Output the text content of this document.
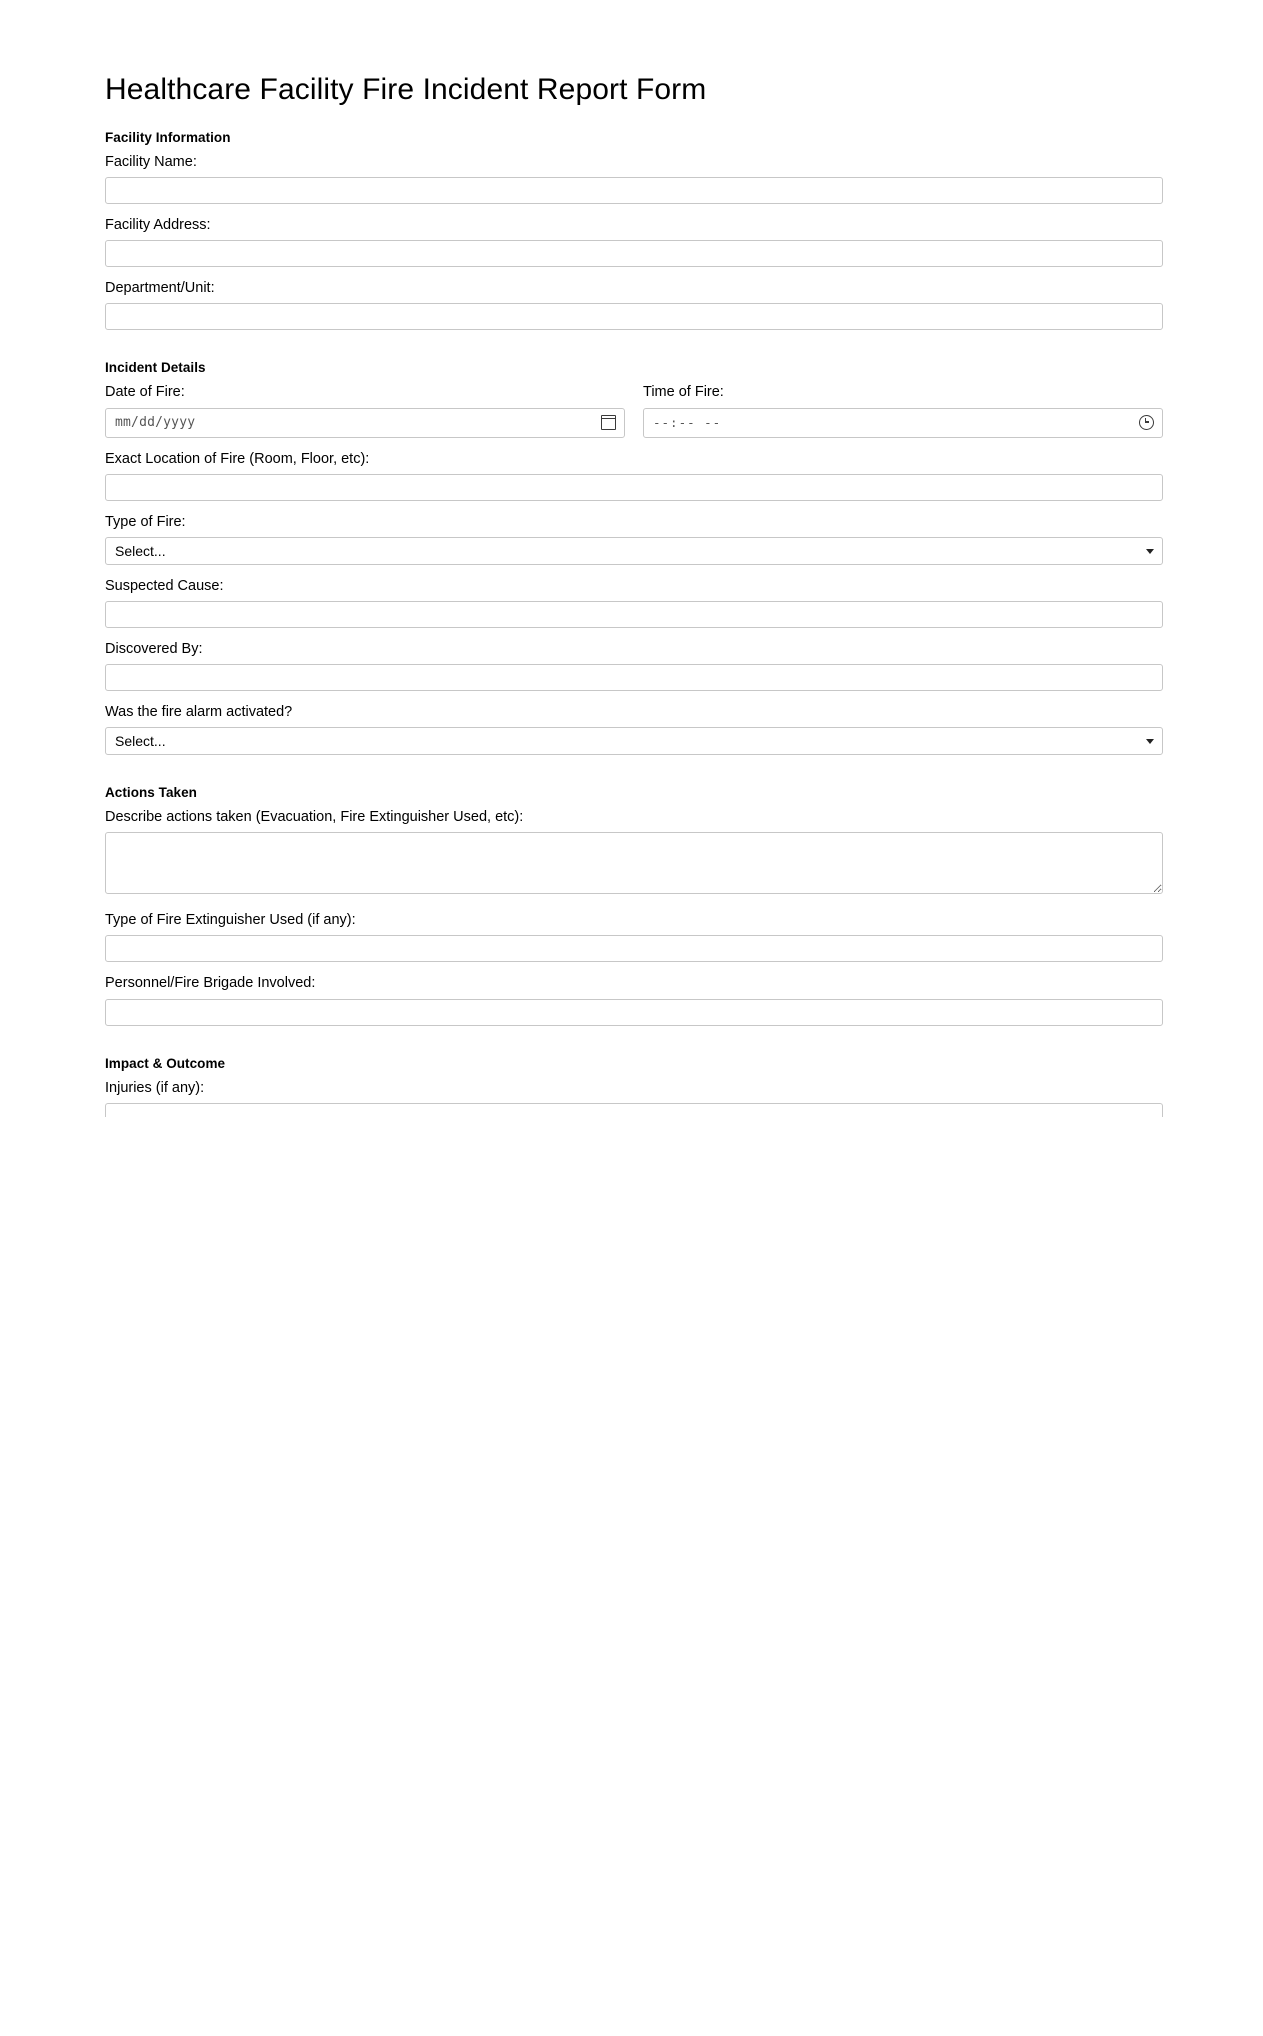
Healthcare Facility Fire Incident Report Form
Facility Information
Facility Name:
Facility Address:
Department/Unit:
Incident Details
Date of Fire:
mm/dd/yyyy
Time of Fire:
--:-- --
Exact Location of Fire (Room, Floor, etc):
Type of Fire:
Select...
Suspected Cause:
Discovered By:
Was the fire alarm activated?
Select...
Actions Taken
Describe actions taken (Evacuation, Fire Extinguisher Used, etc):
Type of Fire Extinguisher Used (if any):
Personnel/Fire Brigade Involved:
Impact & Outcome
Injuries (if any):
